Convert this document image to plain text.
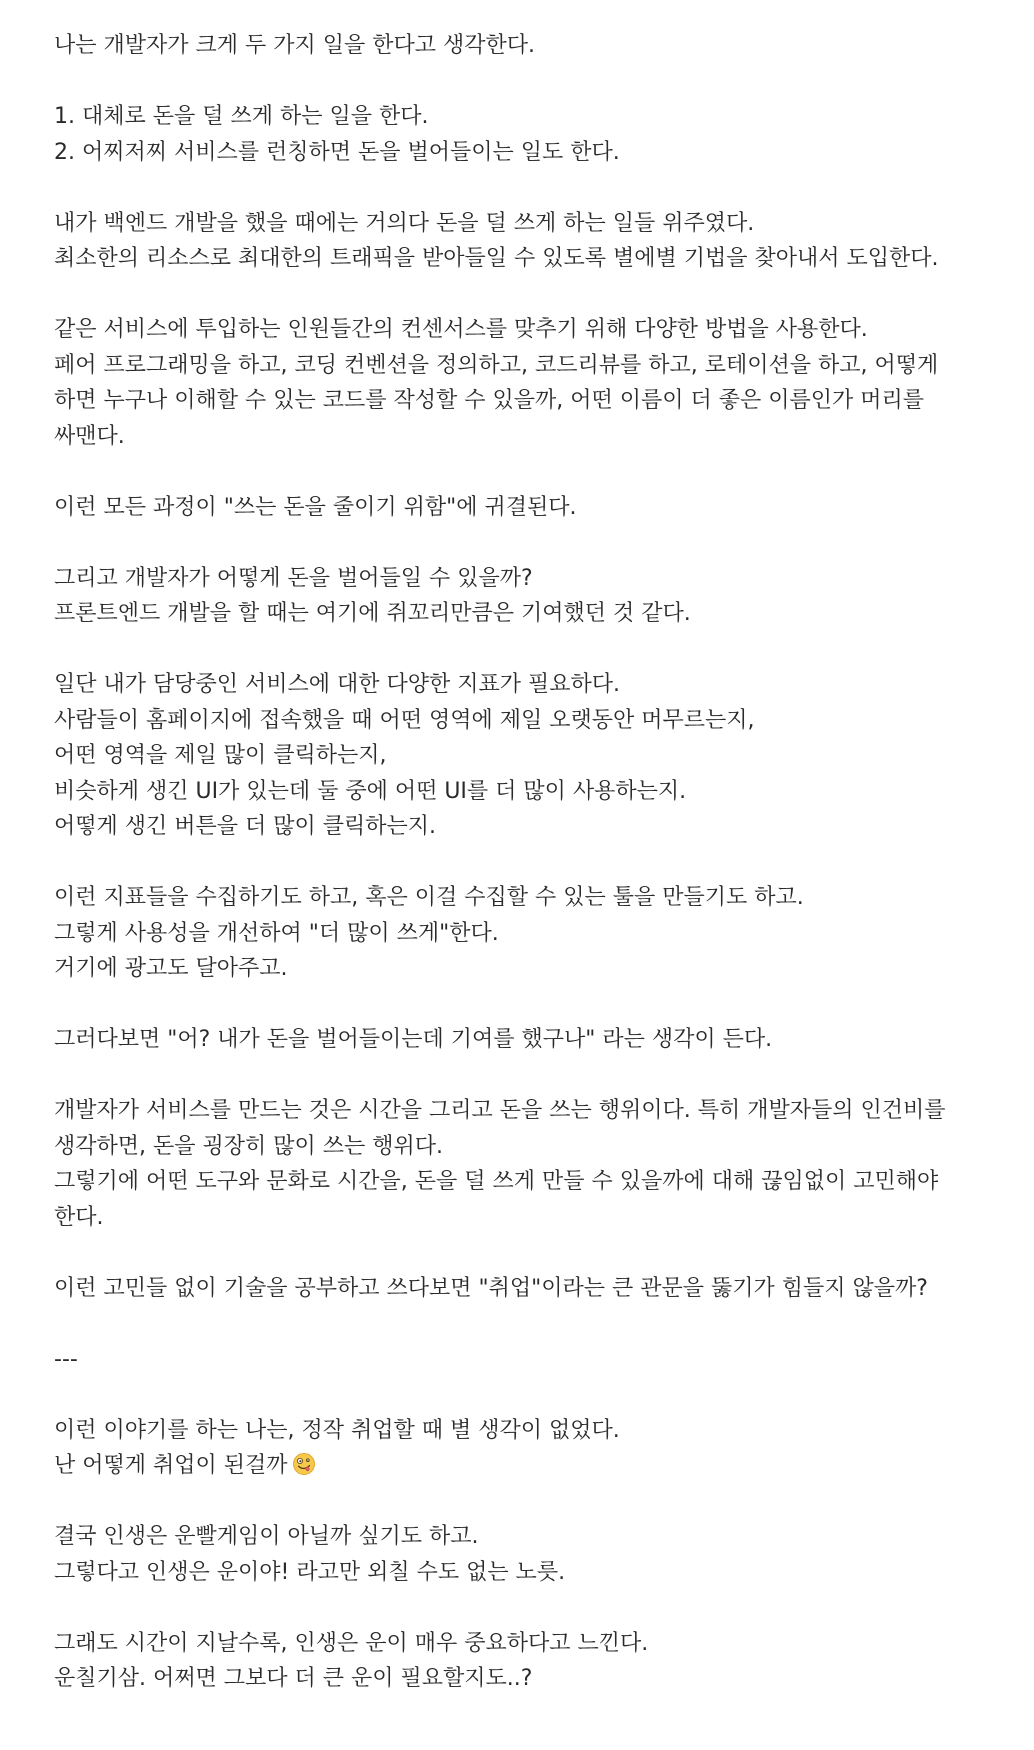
나는 개발자가 크게 두 가지 일을 한다고 생각한다.

1. 대체로 돈을 덜 쓰게 하는 일을 한다.

2. 어찌저찌 서비스를 런칭하면 돈을 벌어들이는 일도 한다.

내가 백엔드 개발을 했을 때에는 거의다 돈을 덜 쓰게 하는 일들 위주였다.

최소한의 리소스로 최대한의 트래픽을 받아들일 수 있도록 별에별 기법을 찾아내서 도입한다.

같은 서비스에 투입하는 인원들간의 컨센서스를 맞추기 위해 다양한 방법을 사용한다.

페어 프로그래밍을 하고, 코딩 컨벤션을 정의하고, 코드리뷰를 하고, 로테이션을 하고, 어떻게 하면 누구나 이해할 수 있는 코드를 작성할 수 있을까, 어떤 이름이 더 좋은 이름인가 머리를 싸맨다.

이런 모든 과정이 "쓰는 돈을 줄이기 위함"에 귀결된다.

그리고 개발자가 어떻게 돈을 벌어들일 수 있을까?

프론트엔드 개발을 할 때는 여기에 쥐꼬리만큼은 기여했던 것 같다.

일단 내가 담당중인 서비스에 대한 다양한 지표가 필요하다.

사람들이 홈페이지에 접속했을 때 어떤 영역에 제일 오랫동안 머무르는지,

어떤 영역을 제일 많이 클릭하는지,

비슷하게 생긴 UI가 있는데 둘 중에 어떤 UI를 더 많이 사용하는지.

어떻게 생긴 버튼을 더 많이 클릭하는지.

이런 지표들을 수집하기도 하고, 혹은 이걸 수집할 수 있는 툴을 만들기도 하고.

그렇게 사용성을 개선하여 "더 많이 쓰게"한다.

거기에 광고도 달아주고.

그러다보면 "어? 내가 돈을 벌어들이는데 기여를 했구나" 라는 생각이 든다.

개발자가 서비스를 만드는 것은 시간을 그리고 돈을 쓰는 행위이다. 특히 개발자들의 인건비를 생각하면, 돈을 굉장히 많이 쓰는 행위다.

그렇기에 어떤 도구와 문화로 시간을, 돈을 덜 쓰게 만들 수 있을까에 대해 끊임없이 고민해야 한다.

이런 고민들 없이 기술을 공부하고 쓰다보면 "취업"이라는 큰 관문을 뚫기가 힘들지 않을까?

---

이런 이야기를 하는 나는, 정작 취업할 때 별 생각이 없었다.

난 어떻게 취업이 된걸까

결국 인생은 운빨게임이 아닐까 싶기도 하고.

그렇다고 인생은 운이야! 라고만 외칠 수도 없는 노릇.

그래도 시간이 지날수록, 인생은 운이 매우 중요하다고 느낀다.

운칠기삼. 어쩌면 그보다 더 큰 운이 필요할지도..?
